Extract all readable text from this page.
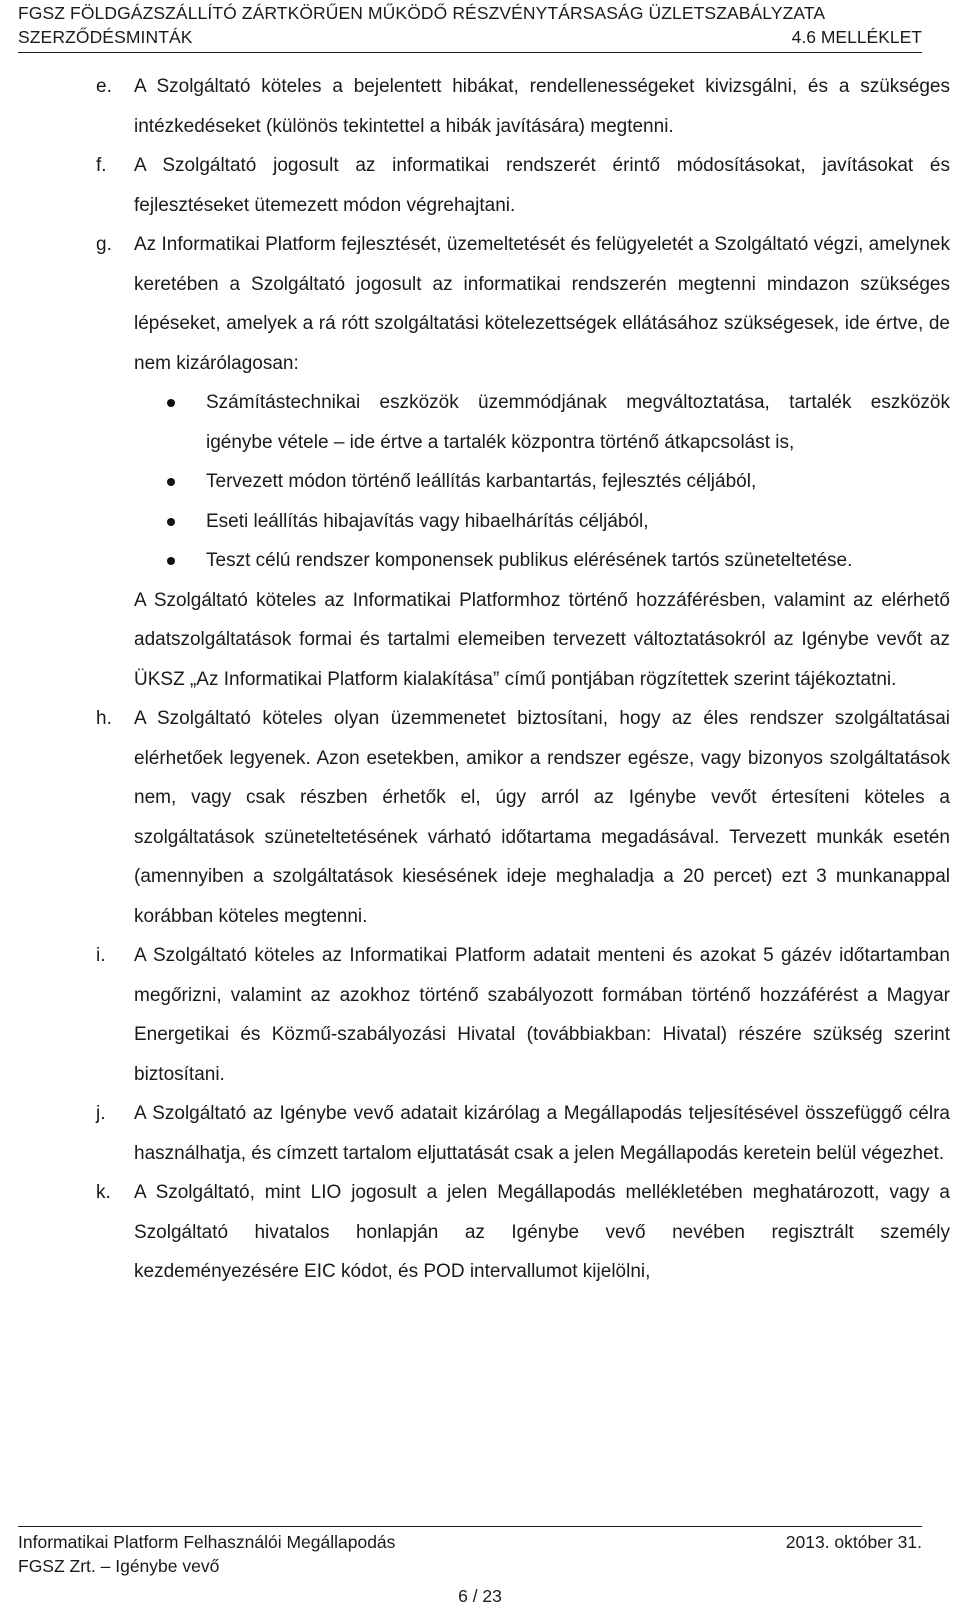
FGSZ FÖLDGÁZSZÁLLÍTÓ ZÁRTKÖRŰEN MŰKÖDŐ RÉSZVÉNYTÁRSASÁG ÜZLETSZABÁLYZATA
SZERZŐDÉSMINTÁK	4.6 MELLÉKLET
e. A Szolgáltató köteles a bejelentett hibákat, rendellenességeket kivizsgálni, és a szükséges intézkedéseket (különös tekintettel a hibák javítására) megtenni.

f. A Szolgáltató jogosult az informatikai rendszerét érintő módosításokat, javításokat és fejlesztéseket ütemezett módon végrehajtani.

g. Az Informatikai Platform fejlesztését, üzemeltetését és felügyeletét a Szolgáltató végzi, amelynek keretében a Szolgáltató jogosult az informatikai rendszerén megtenni mindazon szükséges lépéseket, amelyek a rá rótt szolgáltatási kötelezettségek ellátásához szükségesek, ide értve, de nem kizárólagosan:

Számítástechnikai eszközök üzemmódjának megváltoztatása, tartalék eszközök igénybe vétele – ide értve a tartalék központra történő átkapcsolást is,

Tervezett módon történő leállítás karbantartás, fejlesztés céljából,

Eseti leállítás hibajavítás vagy hibaelhárítás céljából,

Teszt célú rendszer komponensek publikus elérésének tartós szüneteltetése.

A Szolgáltató köteles az Informatikai Platformhoz történő hozzáférésben, valamint az elérhető adatszolgáltatások formai és tartalmi elemeiben tervezett változtatásokról az Igénybe vevőt az ÜKSZ „Az Informatikai Platform kialakítása” című pontjában rögzítettek szerint tájékoztatni.

h. A Szolgáltató köteles olyan üzemmenetet biztosítani, hogy az éles rendszer szolgáltatásai elérhetőek legyenek. Azon esetekben, amikor a rendszer egésze, vagy bizonyos szolgáltatások nem, vagy csak részben érhetők el, úgy arról az Igénybe vevőt értesíteni köteles a szolgáltatások szüneteltetésének várható időtartama megadásával. Tervezett munkák esetén (amennyiben a szolgáltatások kiesésének ideje meghaladja a 20 percet) ezt 3 munkanappal korábban köteles megtenni.

i. A Szolgáltató köteles az Informatikai Platform adatait menteni és azokat 5 gázév időtartamban megőrizni, valamint az azokhoz történő szabályozott formában történő hozzáférést a Magyar Energetikai és Közmű-szabályozási Hivatal (továbbiakban: Hivatal) részére szükség szerint biztosítani.

j. A Szolgáltató az Igénybe vevő adatait kizárólag a Megállapodás teljesítésével összefüggő célra használhatja, és címzett tartalom eljuttatását csak a jelen Megállapodás keretein belül végezhet.

k. A Szolgáltató, mint LIO jogosult a jelen Megállapodás mellékletében meghatározott, vagy a Szolgáltató hivatalos honlapján az Igénybe vevő nevében regisztrált személy kezdeményezésére EIC kódot, és POD intervallumot kijelölni,

Informatikai Platform Felhasználói Megállapodás	2013. október 31.
FGSZ Zrt. – Igénybe vevő
6 / 23
